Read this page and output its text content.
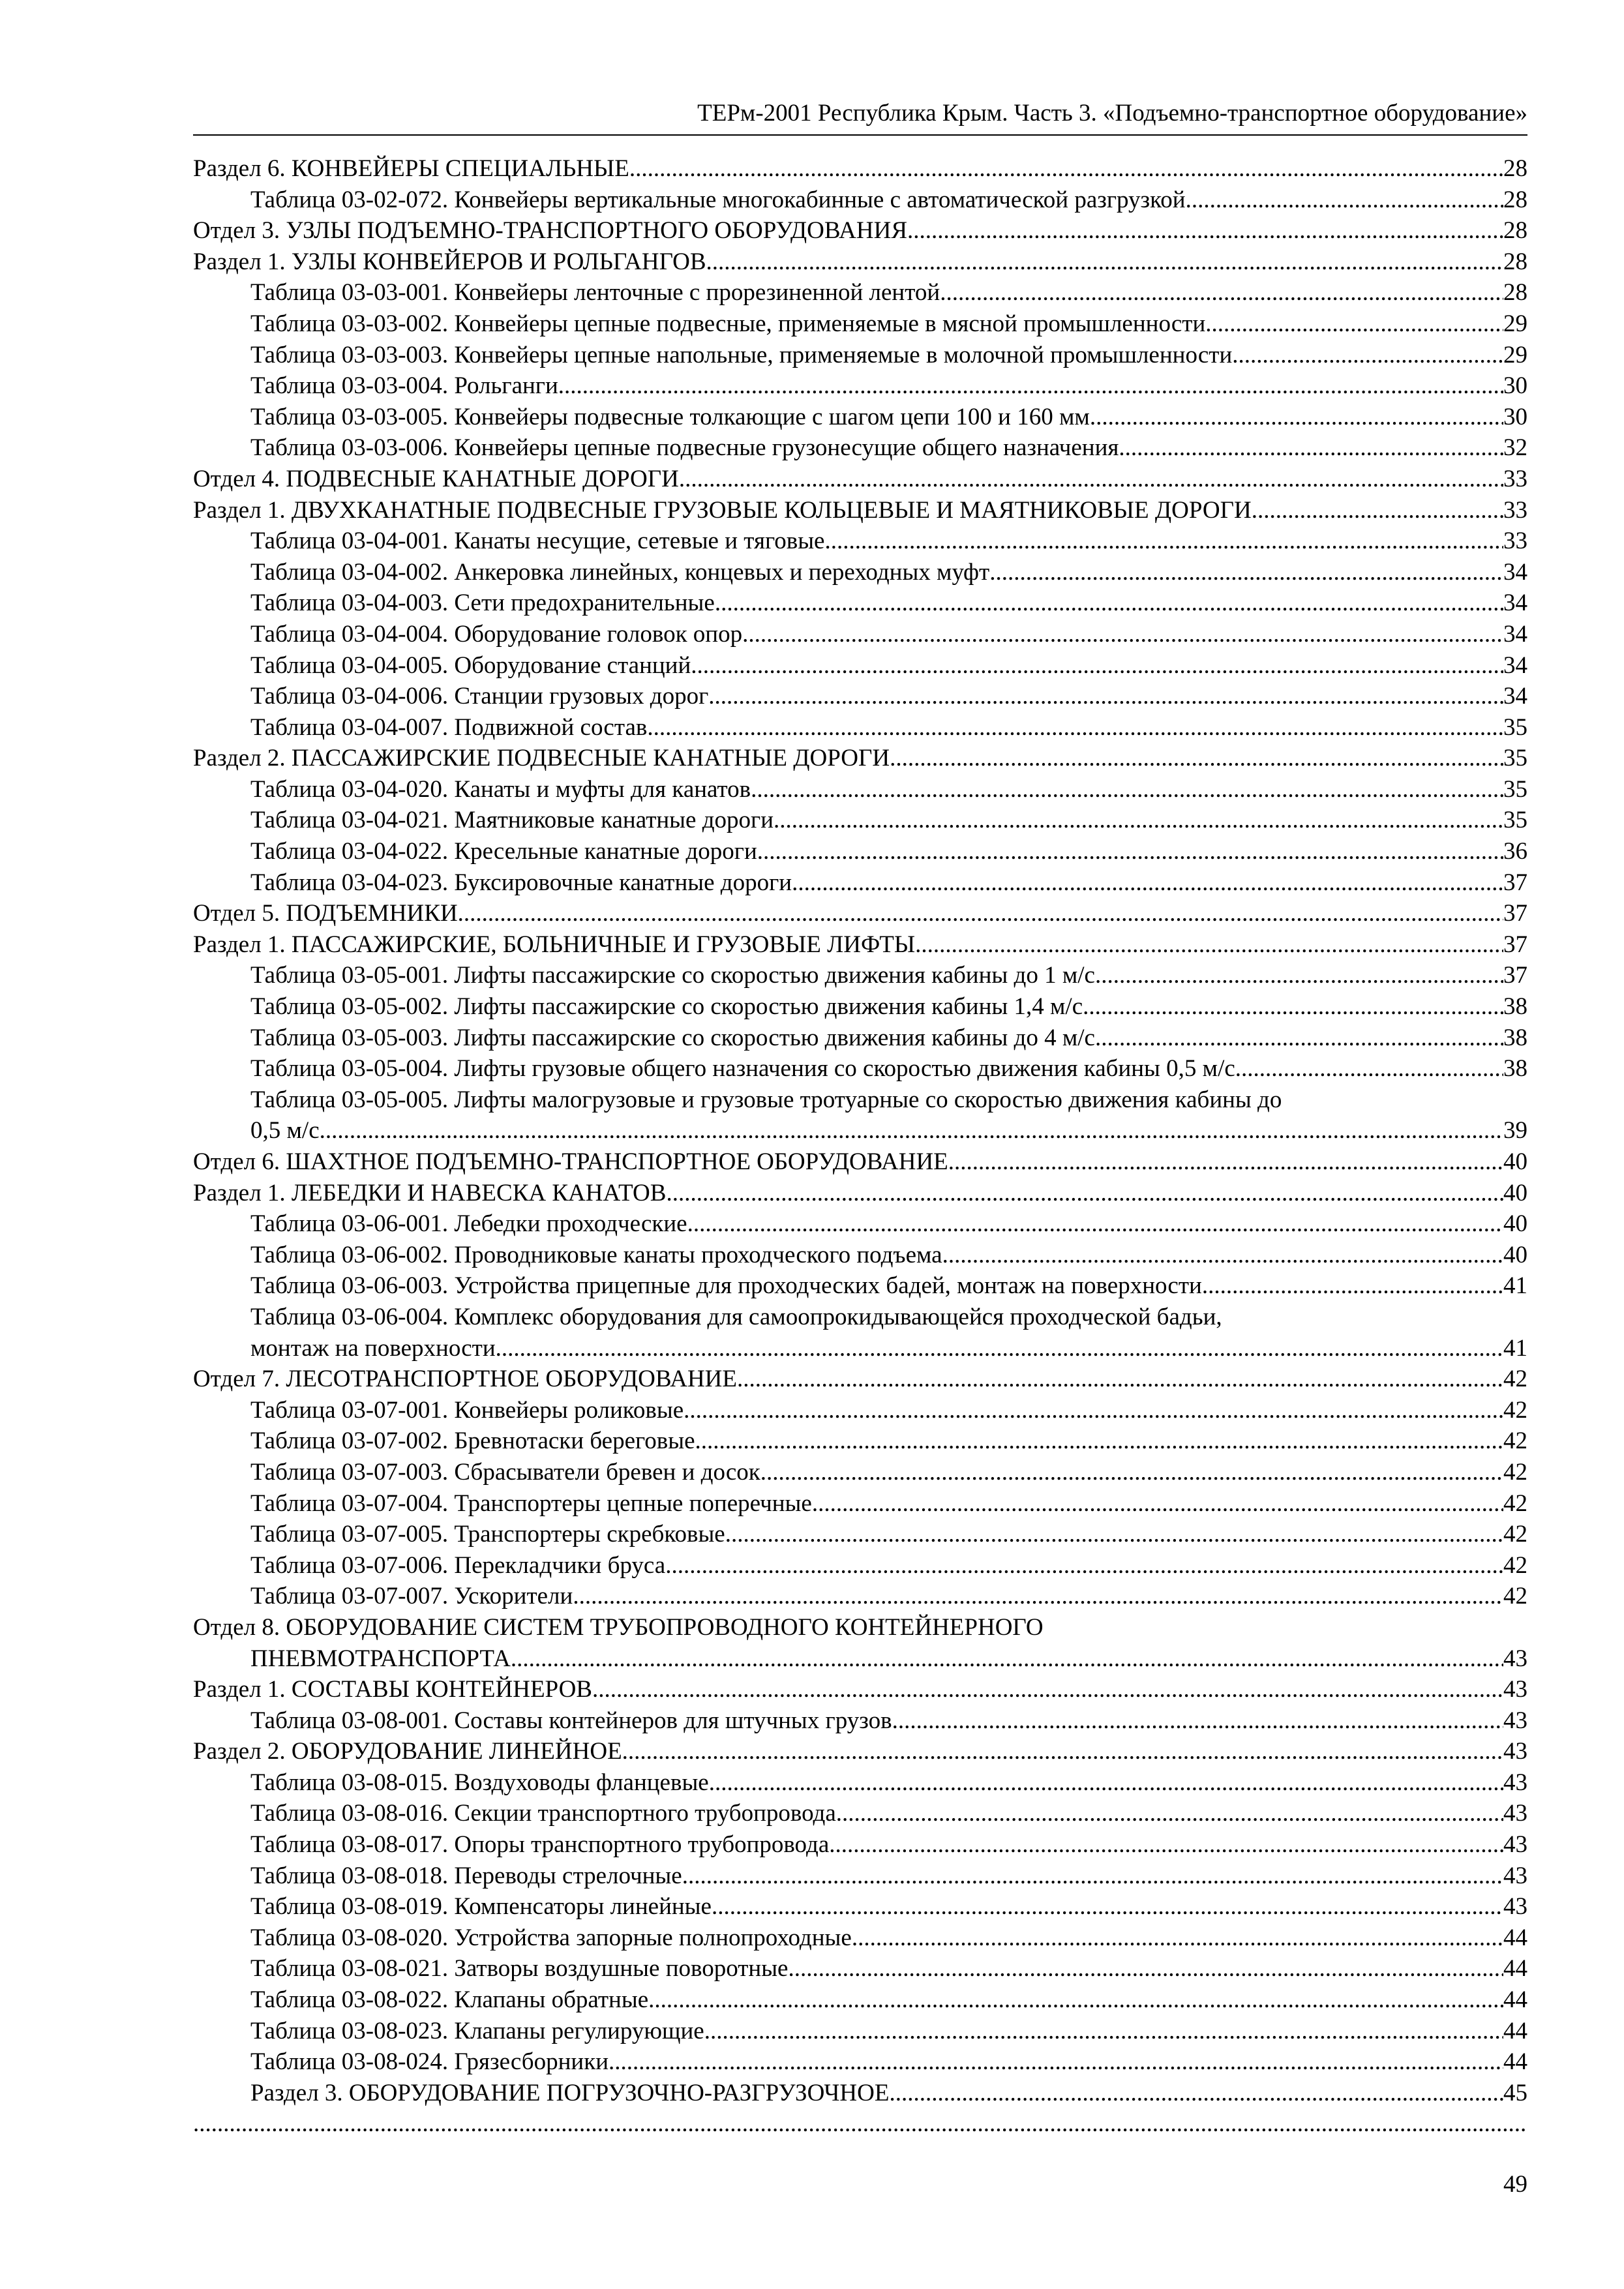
ТЕРм-2001 Республика Крым. Часть 3. «Подъемно-транспортное оборудование»
Раздел 6. КОНВЕЙЕРЫ СПЕЦИАЛЬНЫЕ .....	28
Таблица 03-02-072. Конвейеры вертикальные многокабинные с автоматической разгрузкой .....	28
Отдел 3. УЗЛЫ ПОДЪЕМНО-ТРАНСПОРТНОГО ОБОРУДОВАНИЯ .....	28
Раздел 1. УЗЛЫ КОНВЕЙЕРОВ И РОЛЬГАНГОВ .....	28
Таблица 03-03-001. Конвейеры ленточные с прорезиненной лентой .....	28
Таблица 03-03-002. Конвейеры цепные подвесные, применяемые в мясной промышленности .....	29
Таблица 03-03-003. Конвейеры цепные напольные, применяемые в молочной промышленности .....	29
Таблица 03-03-004. Рольганги .....	30
Таблица 03-03-005. Конвейеры подвесные толкающие с шагом цепи 100 и 160 мм .....	30
Таблица 03-03-006. Конвейеры цепные подвесные грузонесущие общего назначения .....	32
Отдел 4. ПОДВЕСНЫЕ КАНАТНЫЕ ДОРОГИ .....	33
Раздел 1. ДВУХКАНАТНЫЕ ПОДВЕСНЫЕ ГРУЗОВЫЕ КОЛЬЦЕВЫЕ И МАЯТНИКОВЫЕ ДОРОГИ .....	33
Таблица 03-04-001. Канаты несущие, сетевые и тяговые .....	33
Таблица 03-04-002. Анкеровка линейных, концевых и переходных муфт .....	34
Таблица 03-04-003. Сети предохранительные .....	34
Таблица 03-04-004. Оборудование головок опор. .....	34
Таблица 03-04-005. Оборудование станций .....	34
Таблица 03-04-006. Станции грузовых дорог .....	34
Таблица 03-04-007. Подвижной состав .....	35
Раздел 2. ПАССАЖИРСКИЕ ПОДВЕСНЫЕ КАНАТНЫЕ ДОРОГИ .....	35
Таблица 03-04-020. Канаты и муфты для канатов .....	35
Таблица 03-04-021. Маятниковые канатные дороги .....	35
Таблица 03-04-022. Кресельные канатные дороги .....	36
Таблица 03-04-023. Буксировочные канатные дороги .....	37
Отдел 5. ПОДЪЕМНИКИ .....	37
Раздел 1. ПАССАЖИРСКИЕ, БОЛЬНИЧНЫЕ И ГРУЗОВЫЕ ЛИФТЫ .....	37
Таблица 03-05-001. Лифты пассажирские со скоростью движения кабины до 1 м/с .....	37
Таблица 03-05-002. Лифты пассажирские со скоростью движения кабины 1,4 м/с .....	38
Таблица 03-05-003. Лифты пассажирские со скоростью движения кабины до 4 м/с .....	38
Таблица 03-05-004. Лифты грузовые общего назначения со скоростью движения кабины 0,5 м/с .....	38
Таблица 03-05-005. Лифты малогрузовые и грузовые тротуарные со скоростью движения кабины до
0,5 м/с .....	39
Отдел 6. ШАХТНОЕ ПОДЪЕМНО-ТРАНСПОРТНОЕ ОБОРУДОВАНИЕ .....	40
Раздел 1. ЛЕБЕДКИ И НАВЕСКА КАНАТОВ .....	40
Таблица 03-06-001. Лебедки проходческие .....	40
Таблица 03-06-002. Проводниковые канаты проходческого подъема .....	40
Таблица 03-06-003. Устройства прицепные для проходческих бадей, монтаж на поверхности .....	41
Таблица 03-06-004. Комплекс оборудования для самоопрокидывающейся проходческой бадьи,
монтаж на поверхности .....	41
Отдел 7. ЛЕСОТРАНСПОРТНОЕ ОБОРУДОВАНИЕ .....	42
Таблица 03-07-001. Конвейеры роликовые .....	42
Таблица 03-07-002. Бревнотаски береговые .....	42
Таблица 03-07-003. Сбрасыватели бревен и досок .....	42
Таблица 03-07-004. Транспортеры цепные поперечные .....	42
Таблица 03-07-005. Транспортеры скребковые .....	42
Таблица 03-07-006. Перекладчики бруса .....	42
Таблица 03-07-007. Ускорители .....	42
Отдел 8. ОБОРУДОВАНИЕ СИСТЕМ ТРУБОПРОВОДНОГО КОНТЕЙНЕРНОГО
ПНЕВМОТРАНСПОРТА .....	43
Раздел 1. СОСТАВЫ КОНТЕЙНЕРОВ .....	43
Таблица 03-08-001. Составы контейнеров для штучных грузов .....	43
Раздел 2. ОБОРУДОВАНИЕ ЛИНЕЙНОЕ .....	43
Таблица 03-08-015. Воздуховоды фланцевые .....	43
Таблица 03-08-016. Секции транспортного трубопровода .....	43
Таблица 03-08-017. Опоры транспортного трубопровода. .....	43
Таблица 03-08-018. Переводы стрелочные .....	43
Таблица 03-08-019. Компенсаторы линейные .....	43
Таблица 03-08-020. Устройства запорные полнопроходные .....	44
Таблица 03-08-021. Затворы воздушные поворотные .....	44
Таблица 03-08-022. Клапаны обратные .....	44
Таблица 03-08-023. Клапаны регулирующие .....	44
Таблица 03-08-024. Грязесборники .....	44
Раздел 3. ОБОРУДОВАНИЕ ПОГРУЗОЧНО-РАЗГРУЗОЧНОЕ .....	45
.....
49
